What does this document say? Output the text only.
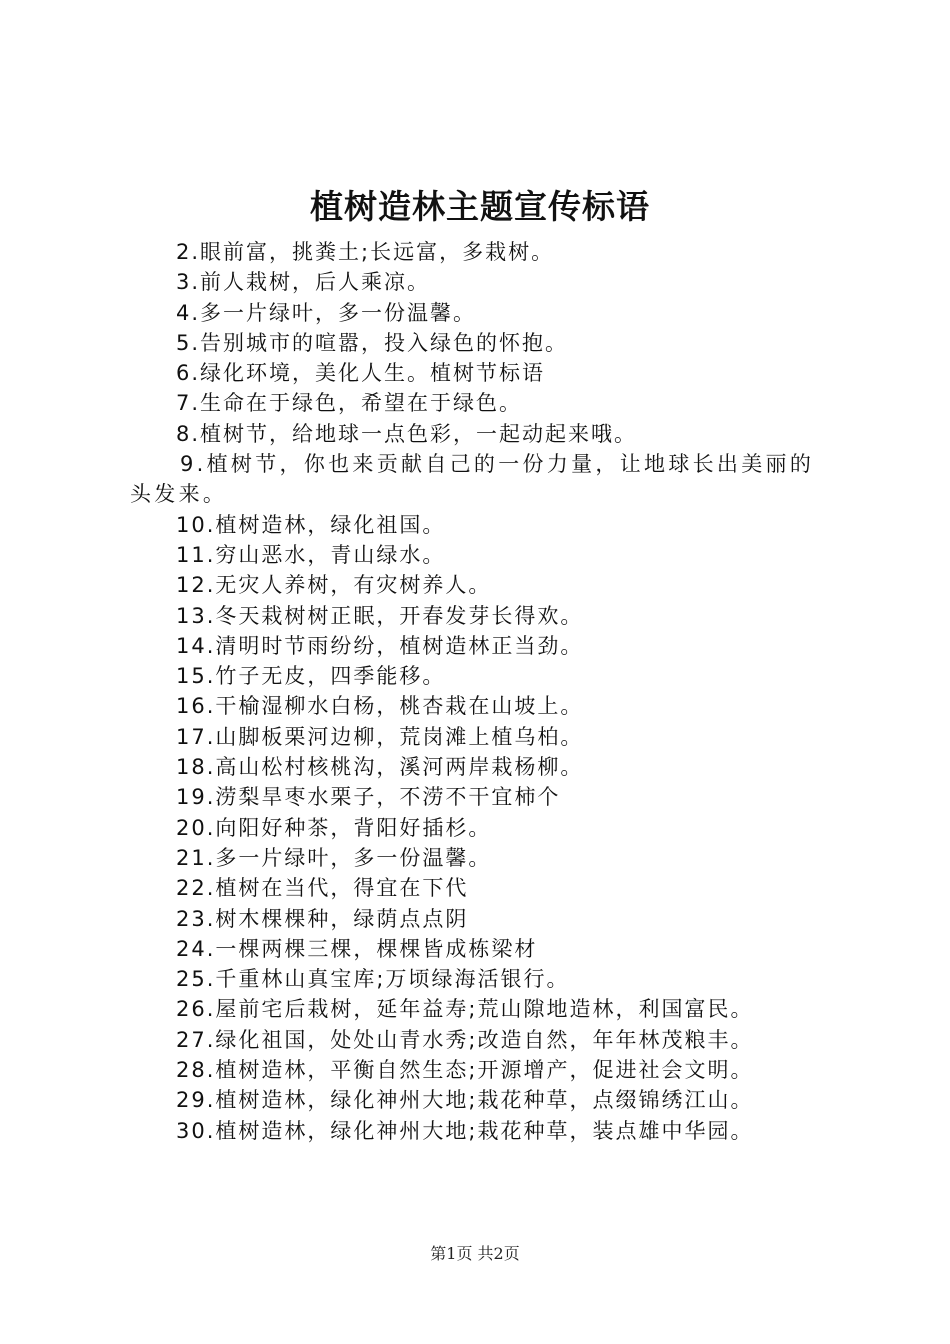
植树造林主题宣传标语
2.眼前富，挑粪土;长远富，多栽树。
3.前人栽树，后人乘凉。
4.多一片绿叶，多一份温馨。
5.告别城市的喧嚣，投入绿色的怀抱。
6.绿化环境，美化人生。植树节标语
7.生命在于绿色，希望在于绿色。
8.植树节，给地球一点色彩，一起动起来哦。
9.植树节，你也来贡献自己的一份力量，让地球长出美丽的头发来。
10.植树造林，绿化祖国。
11.穷山恶水，青山绿水。
12.无灾人养树，有灾树养人。
13.冬天栽树树正眠，开春发芽长得欢。
14.清明时节雨纷纷，植树造林正当劲。
15.竹子无皮，四季能移。
16.干榆湿柳水白杨，桃杏栽在山坡上。
17.山脚板栗河边柳，荒岗滩上植乌柏。
18.高山松村核桃沟，溪河两岸栽杨柳。
19.涝梨旱枣水栗子，不涝不干宜柿个
20.向阳好种茶，背阳好插杉。
21.多一片绿叶，多一份温馨。
22.植树在当代，得宜在下代
23.树木棵棵种，绿荫点点阴
24.一棵两棵三棵，棵棵皆成栋梁材
25.千重林山真宝库;万顷绿海活银行。
26.屋前宅后栽树，延年益寿;荒山隙地造林，利国富民。
27.绿化祖国，处处山青水秀;改造自然，年年林茂粮丰。
28.植树造林，平衡自然生态;开源增产，促进社会文明。
29.植树造林，绿化神州大地;栽花种草，点缀锦绣江山。
30.植树造林，绿化神州大地;栽花种草，装点雄中华园。
第1页 共2页
